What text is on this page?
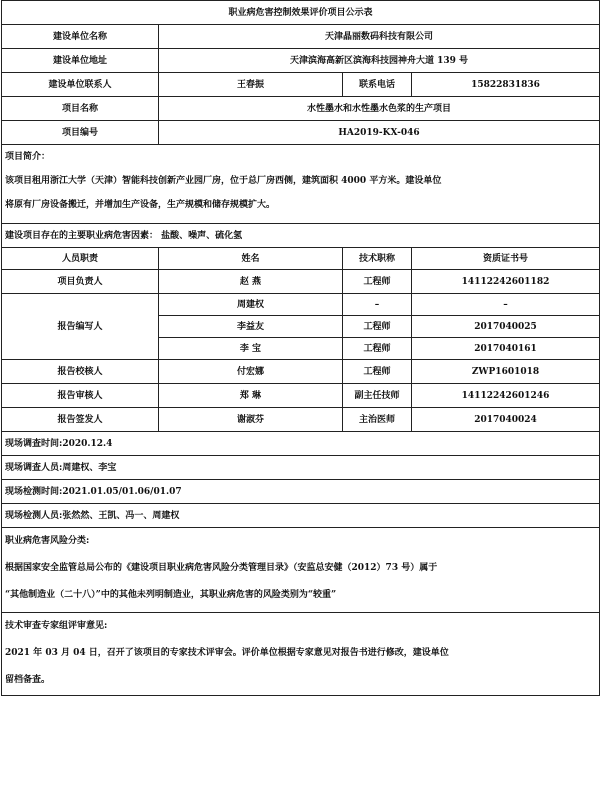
职业病危害控制效果评价项目公示表			
建设单位名称	天津晶丽数码科技有限公司		
建设单位地址	天津滨海高新区滨海科技园神舟大道 139 号		
建设单位联系人	王春振	联系电话	15822831836
项目名称	水性墨水和水性墨水色浆的生产项目		
项目编号	HA2019-KX-046		

项目简介：
该项目租用浙江大学（天津）智能科技创新产业园厂房，位于总厂房西侧，建筑面积 4000 平方米。建设单位
将原有厂房设备搬迁，并增加生产设备，生产规模和储存规模扩大。			

建设项目存在的主要职业病危害因素： 盐酸、噪声、硫化氢			
人员职责	姓名	技术职称	资质证书号
项目负责人	赵 燕	工程师	14112242601182
报告编写人	周建权	–	–
	李益友	工程师	2017040025
	李 宝	工程师	2017040161
报告校核人	付宏娜	工程师	ZWP1601018
报告审核人	郑 琳	副主任技师	14112242601246
报告签发人	谢淑芬	主治医师	2017040024
现场调查时间:2020.12.4			
现场调查人员:周建权、李宝			
现场检测时间:2021.01.05/01.06/01.07			
现场检测人员:张然然、王凯、冯一、周建权			

职业病危害风险分类:
根据国家安全监管总局公布的《建设项目职业病危害风险分类管理目录》（安监总安健（2012）73 号）属于
“其他制造业（二十八）”中的其他未列明制造业，其职业病危害的风险类别为“较重”			

技术审查专家组评审意见:
2021 年 03 月 04 日，召开了该项目的专家技术评审会。评价单位根据专家意见对报告书进行修改，建设单位
留档备查。			
